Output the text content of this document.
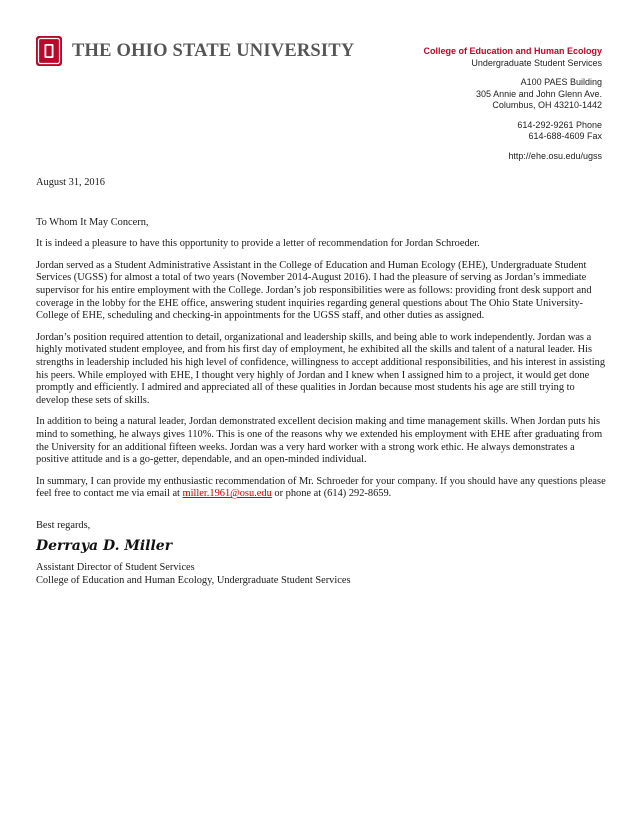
THE OHIO STATE UNIVERSITY	College of Education and Human Ecology
Undergraduate Student Services
A100 PAES Building
305 Annie and John Glenn Ave.
Columbus, OH 43210-1442
614-292-9261 Phone
614-688-4609 Fax
http://ehe.osu.edu/ugss

August 31, 2016

To Whom It May Concern,

It is indeed a pleasure to have this opportunity to provide a letter of recommendation for Jordan Schroeder.

Jordan served as a Student Administrative Assistant in the College of Education and Human Ecology (EHE), Undergraduate Student Services (UGSS) for almost a total of two years (November 2014-August 2016). I had the pleasure of serving as Jordan’s immediate supervisor for his entire employment with the College. Jordan’s job responsibilities were as follows: providing front desk support and coverage in the lobby for the EHE office, answering student inquiries regarding general questions about The Ohio State University-College of EHE, scheduling and checking-in appointments for the UGSS staff, and other duties as assigned.

Jordan’s position required attention to detail, organizational and leadership skills, and being able to work independently. Jordan was a highly motivated student employee, and from his first day of employment, he exhibited all the skills and talent of a natural leader. His strengths in leadership included his high level of confidence, willingness to accept additional responsibilities, and his interest in assisting his peers. While employed with EHE, I thought very highly of Jordan and I knew when I assigned him to a project, it would get done promptly and efficiently. I admired and appreciated all of these qualities in Jordan because most students his age are still trying to develop these sets of skills.

In addition to being a natural leader, Jordan demonstrated excellent decision making and time management skills. When Jordan puts his mind to something, he always gives 110%. This is one of the reasons why we extended his employment with EHE after graduating from the University for an additional fifteen weeks. Jordan was a very hard worker with a strong work ethic. He always demonstrates a positive attitude and is a go-getter, dependable, and an open-minded individual.

In summary, I can provide my enthusiastic recommendation of Mr. Schroeder for your company. If you should have any questions please feel free to contact me via email at miller.1961@osu.edu or phone at (614) 292-8659.

Best regards,

Derraya D. Miller

Assistant Director of Student Services

College of Education and Human Ecology, Undergraduate Student Services
